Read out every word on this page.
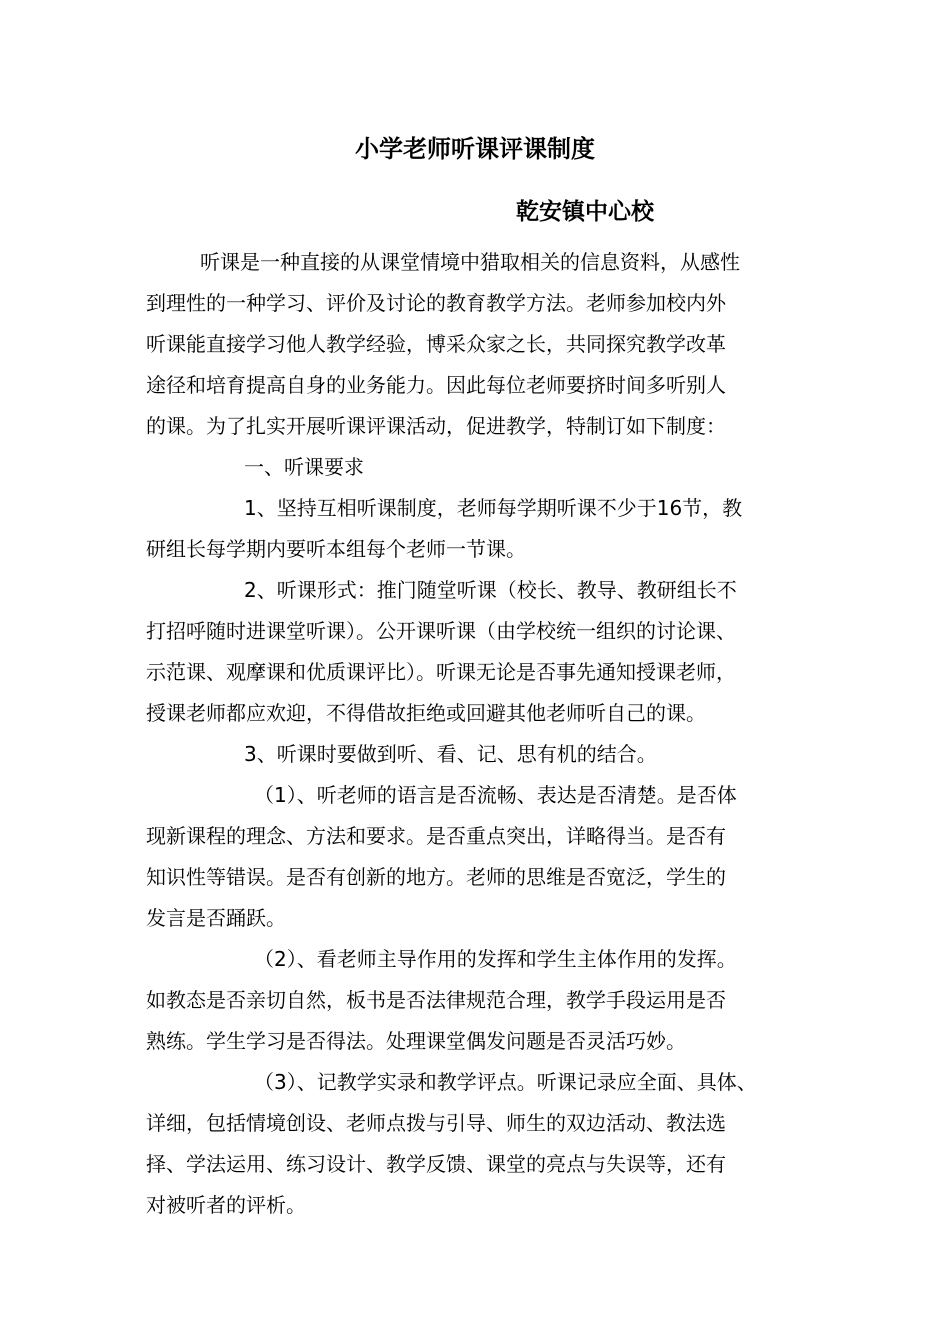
小学老师听课评课制度
乾安镇中心校
听课是一种直接的从课堂情境中猎取相关的信息资料，从感性
到理性的一种学习、评价及讨论的教育教学方法。老师参加校内外
听课能直接学习他人教学经验，博采众家之长，共同探究教学改革
途径和培育提高自身的业务能力。因此每位老师要挤时间多听别人
的课。为了扎实开展听课评课活动，促进教学，特制订如下制度：
一、听课要求
1、坚持互相听课制度，老师每学期听课不少于16节，教
研组长每学期内要听本组每个老师一节课。
2、听课形式：推门随堂听课（校长、教导、教研组长不
打招呼随时进课堂听课）。公开课听课（由学校统一组织的讨论课、
示范课、观摩课和优质课评比）。听课无论是否事先通知授课老师，
授课老师都应欢迎，不得借故拒绝或回避其他老师听自己的课。
3、听课时要做到听、看、记、思有机的结合。
（1）、听老师的语言是否流畅、表达是否清楚。是否体
现新课程的理念、方法和要求。是否重点突出，详略得当。是否有
知识性等错误。是否有创新的地方。老师的思维是否宽泛，学生的
发言是否踊跃。
（2）、看老师主导作用的发挥和学生主体作用的发挥。
如教态是否亲切自然，板书是否法律规范合理，教学手段运用是否
熟练。学生学习是否得法。处理课堂偶发问题是否灵活巧妙。
（3）、记教学实录和教学评点。听课记录应全面、具体、
详细，包括情境创设、老师点拨与引导、师生的双边活动、教法选
择、学法运用、练习设计、教学反馈、课堂的亮点与失误等，还有
对被听者的评析。
